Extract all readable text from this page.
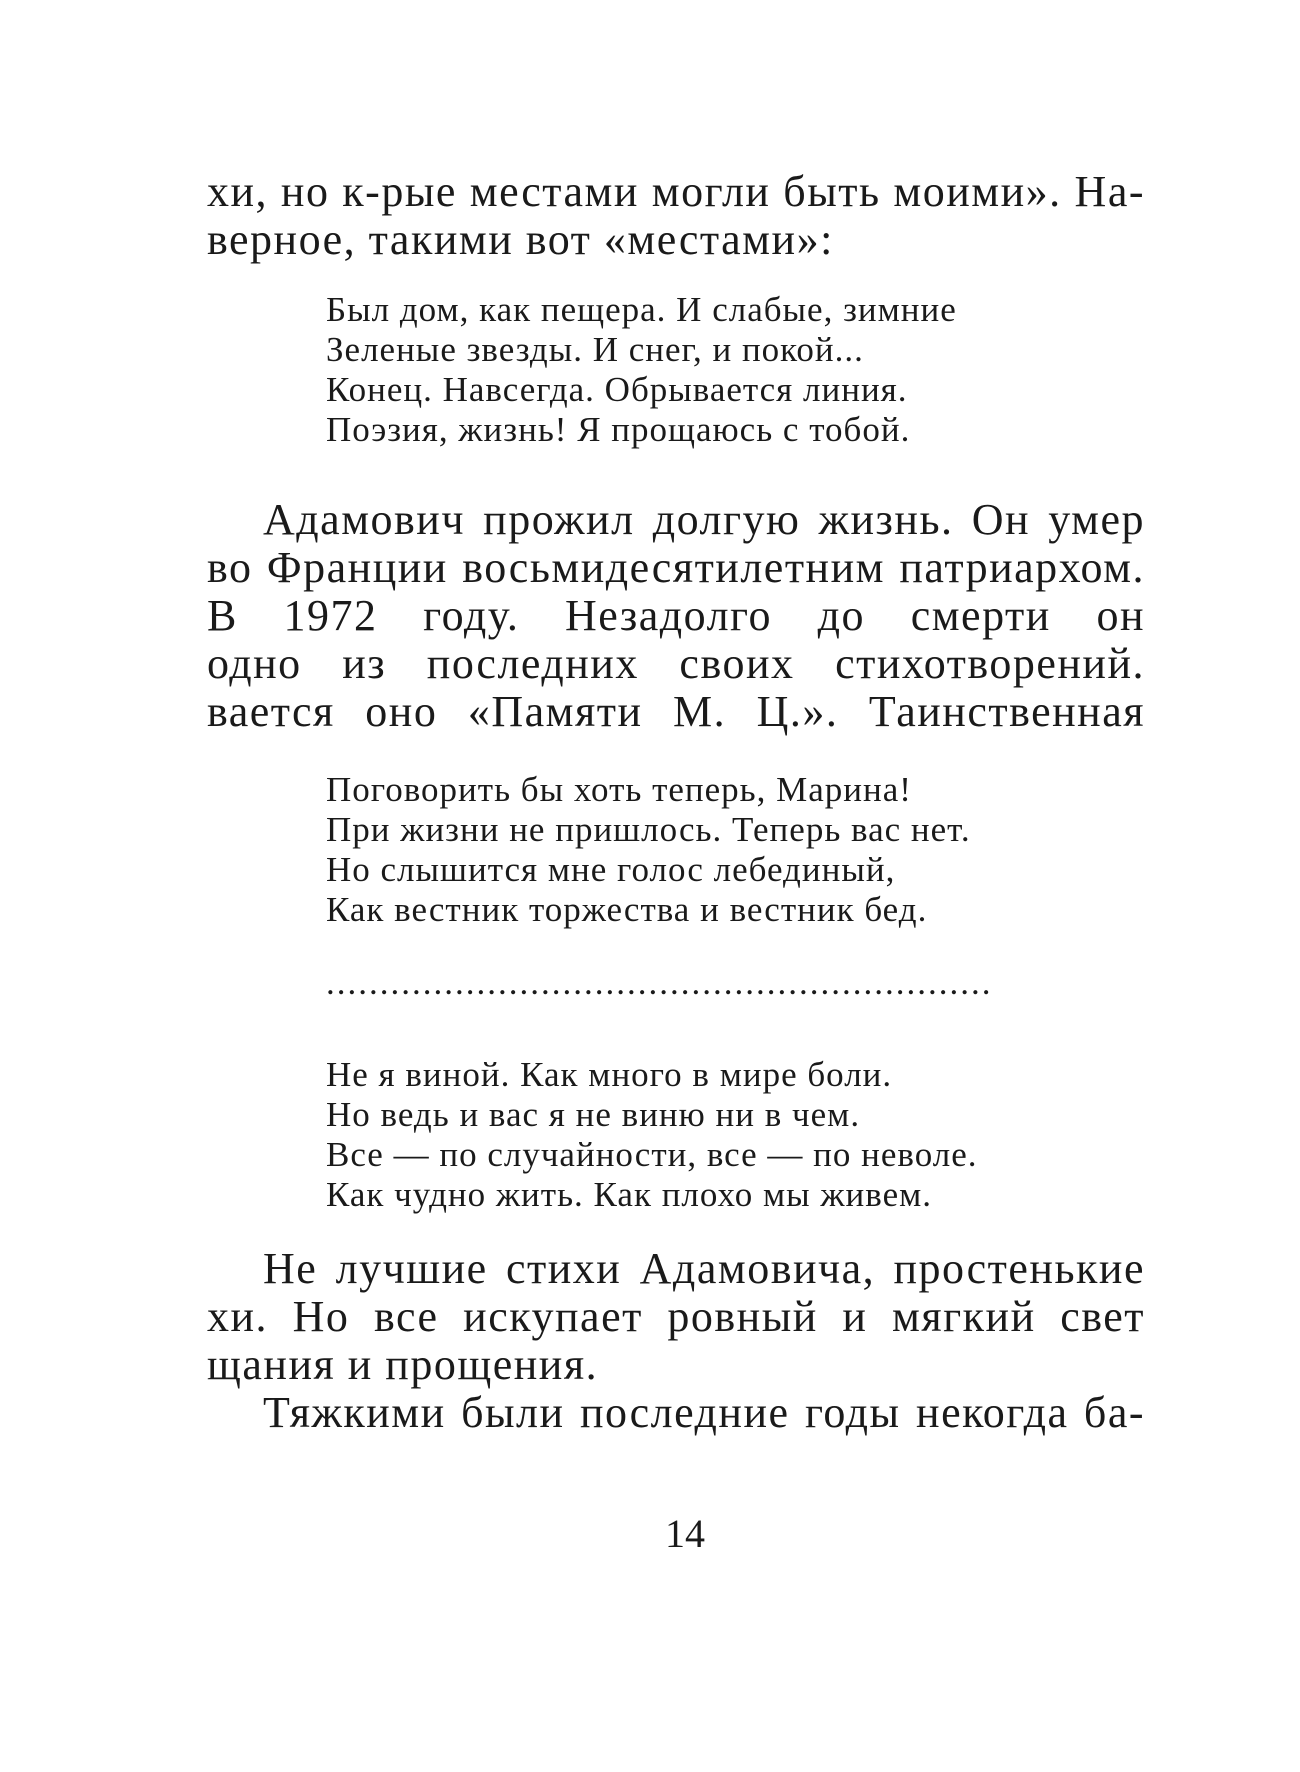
хи, но к-рые местами могли быть моими». На-
верное, такими вот «местами»:
Был дом, как пещера. И слабые, зимние
Зеленые звезды. И снег, и покой...
Конец. Навсегда. Обрывается линия.
Поэзия, жизнь! Я прощаюсь с тобой.
Адамович прожил долгую жизнь. Он умер
во Франции восьмидесятилетним патриархом.
В 1972 году. Незадолго до смерти он
одно из последних своих стихотворений.
вается оно «Памяти М. Ц.». Таинственная
Поговорить бы хоть теперь, Марина!
При жизни не пришлось. Теперь вас нет.
Но слышится мне голос лебединый,
Как вестник торжества и вестник бед.
..............................................................
Не я виной. Как много в мире боли.
Но ведь и вас я не виню ни в чем.
Все — по случайности, все — по неволе.
Как чудно жить. Как плохо мы живем.
Не лучшие стихи Адамовича, простенькие
хи. Но все искупает ровный и мягкий свет
щания и прощения.
Тяжкими были последние годы некогда ба-
14
